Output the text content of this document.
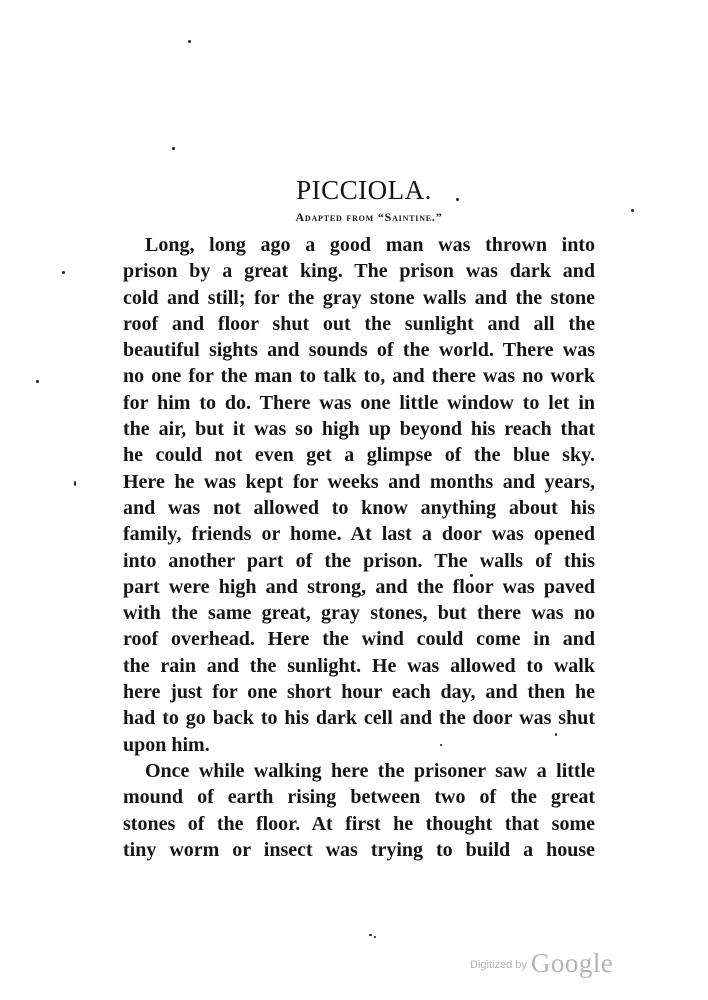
PICCIOLA.
Adapted from “Saintine.”
Long, long ago a good man was thrown into
prison by a great king. The prison was dark and
cold and still; for the gray stone walls and the stone
roof and floor shut out the sunlight and all the
beautiful sights and sounds of the world. There was
no one for the man to talk to, and there was no work
for him to do. There was one little window to let in
the air, but it was so high up beyond his reach that
he could not even get a glimpse of the blue sky.
Here he was kept for weeks and months and years,
and was not allowed to know anything about his
family, friends or home. At last a door was opened
into another part of the prison. The walls of this
part were high and strong, and the floor was paved
with the same great, gray stones, but there was no
roof overhead. Here the wind could come in and
the rain and the sunlight. He was allowed to walk
here just for one short hour each day, and then he
had to go back to his dark cell and the door was shut
upon him.
Once while walking here the prisoner saw a little
mound of earth rising between two of the great
stones of the floor. At first he thought that some
tiny worm or insect was trying to build a house
$^{Digitized by}$ Google
